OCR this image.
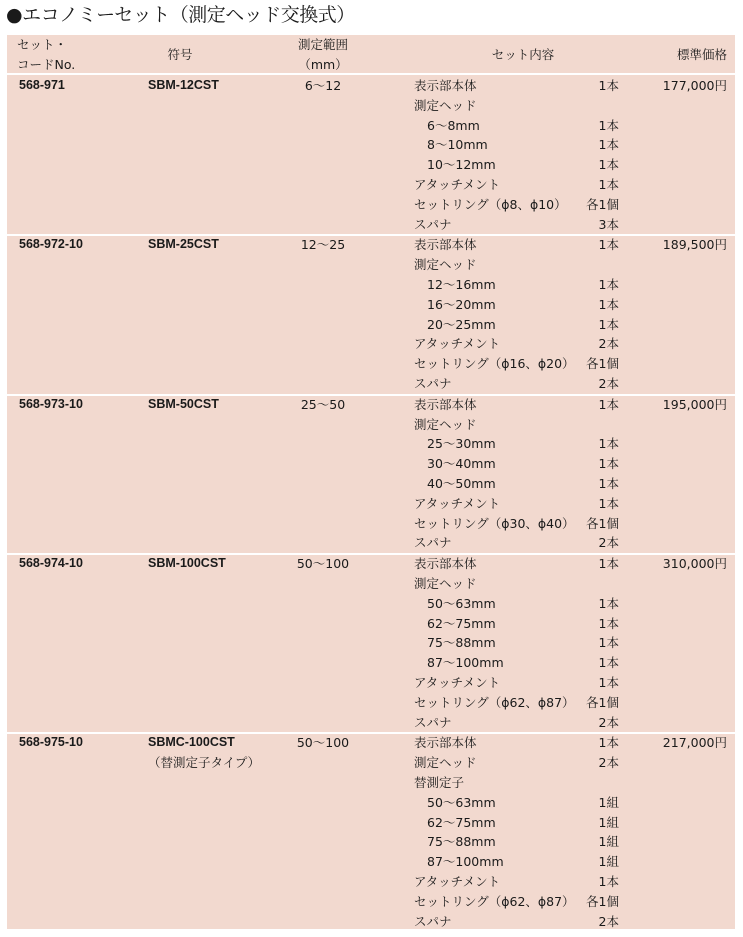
●エコノミーセット（測定ヘッド交換式）
セット・
コードNo.
符号
測定範囲
（mm）
セット内容	標準価格
568-971	SBM-12CST	6～12	177,000円
表示部本体	1本
測定ヘッド
6～8mm	1本
8～10mm	1本
10～12mm	1本
アタッチメント	1本
セットリング（ϕ8、ϕ10）	各1個
スパナ	3本
568-972-10	SBM-25CST	12～25	189,500円
表示部本体	1本
測定ヘッド
12～16mm	1本
16～20mm	1本
20～25mm	1本
アタッチメント	2本
セットリング（ϕ16、ϕ20） 各1個
スパナ	2本
568-973-10	SBM-50CST	25～50	195,000円
表示部本体	1本
測定ヘッド
25～30mm	1本
30～40mm	1本
40～50mm	1本
アタッチメント	1本
セットリング（ϕ30、ϕ40） 各1個
スパナ	2本
568-974-10	SBM-100CST	50～100	310,000円
表示部本体	1本
測定ヘッド
50～63mm	1本
62～75mm	1本
75～88mm	1本
87～100mm	1本
アタッチメント	1本
セットリング（ϕ62、ϕ87） 各1個
スパナ	2本
568-975-10	SBMC-100CST
（替測定子タイプ）
50～100	217,000円
表示部本体	1本
測定ヘッド	2本
替測定子
50～63mm	1組
62～75mm	1組
75～88mm	1組
87～100mm	1組
アタッチメント	1本
セットリング（ϕ62、ϕ87） 各1個
スパナ	2本
